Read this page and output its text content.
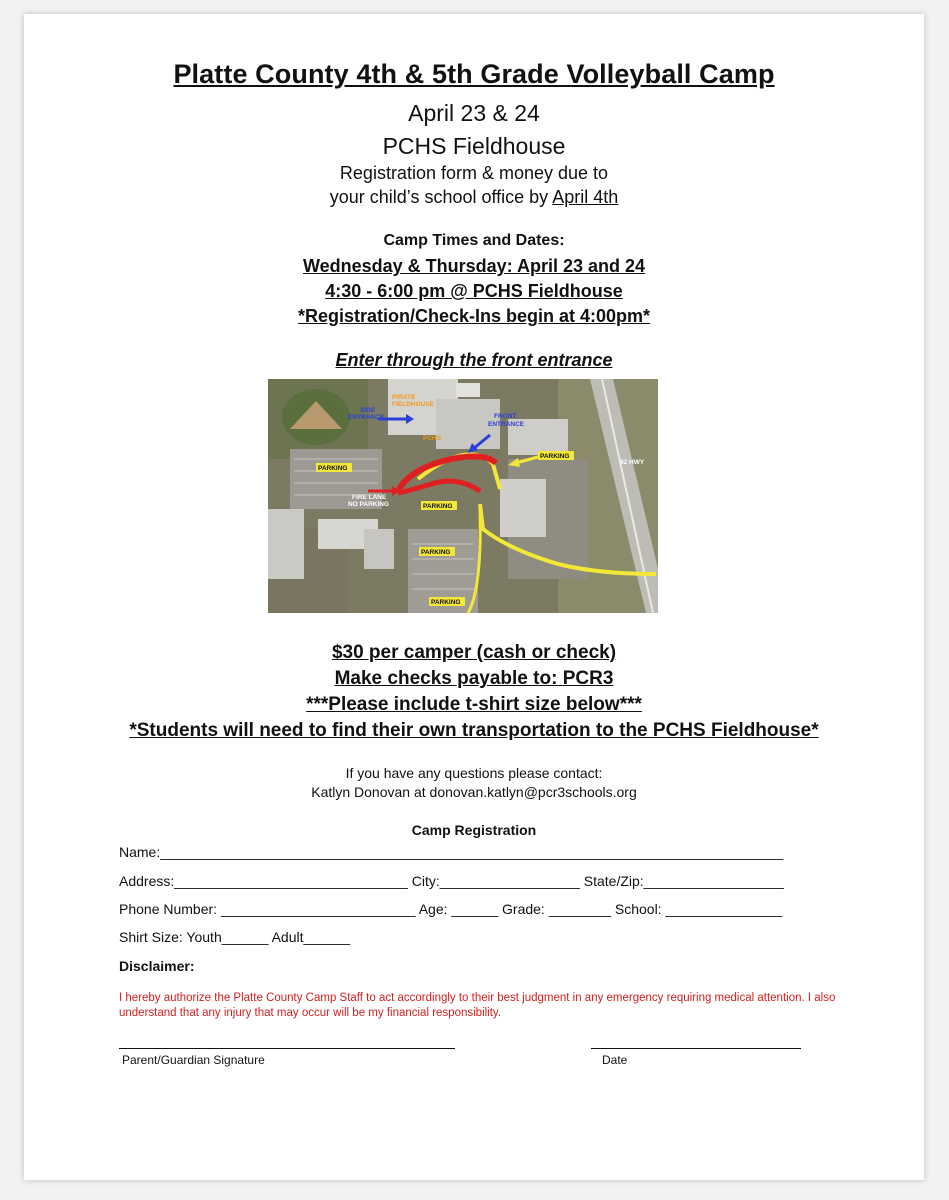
Platte County 4th & 5th Grade Volleyball Camp
April 23 & 24
PCHS Fieldhouse
Registration form & money due to
your child’s school office by April 4th
Camp Times and Dates:
Wednesday & Thursday: April 23 and 24
4:30 - 6:00 pm @ PCHS Fieldhouse
*Registration/Check-Ins begin at 4:00pm*
Enter through the front entrance
PIRATE
FIELDHOUSE
SIDE
ENTRANCE	FRONT
ENTRANCE
PCHS
PARKING
PARKING
92 HWY
FIRE LANE
NO PARKING	PARKING
PARKING
PARKING
$30 per camper (cash or check)
Make checks payable to: PCR3
***Please include t-shirt size below***
*Students will need to find their own transportation to the PCHS Fieldhouse*
If you have any questions please contact:
Katlyn Donovan at donovan.katlyn@pcr3schools.org
Camp Registration
Name:________________________________________________________________________________
Address:______________________________ City:__________________ State/Zip:__________________
Phone Number: _________________________ Age: ______ Grade: ________ School: _______________
Shirt Size: Youth______ Adult______
Disclaimer:
I hereby authorize the Platte County Camp Staff to act accordingly to their best judgment in any emergency requiring medical attention. I also understand that any injury that may occur will be my financial responsibility.
Parent/Guardian Signature	Date
